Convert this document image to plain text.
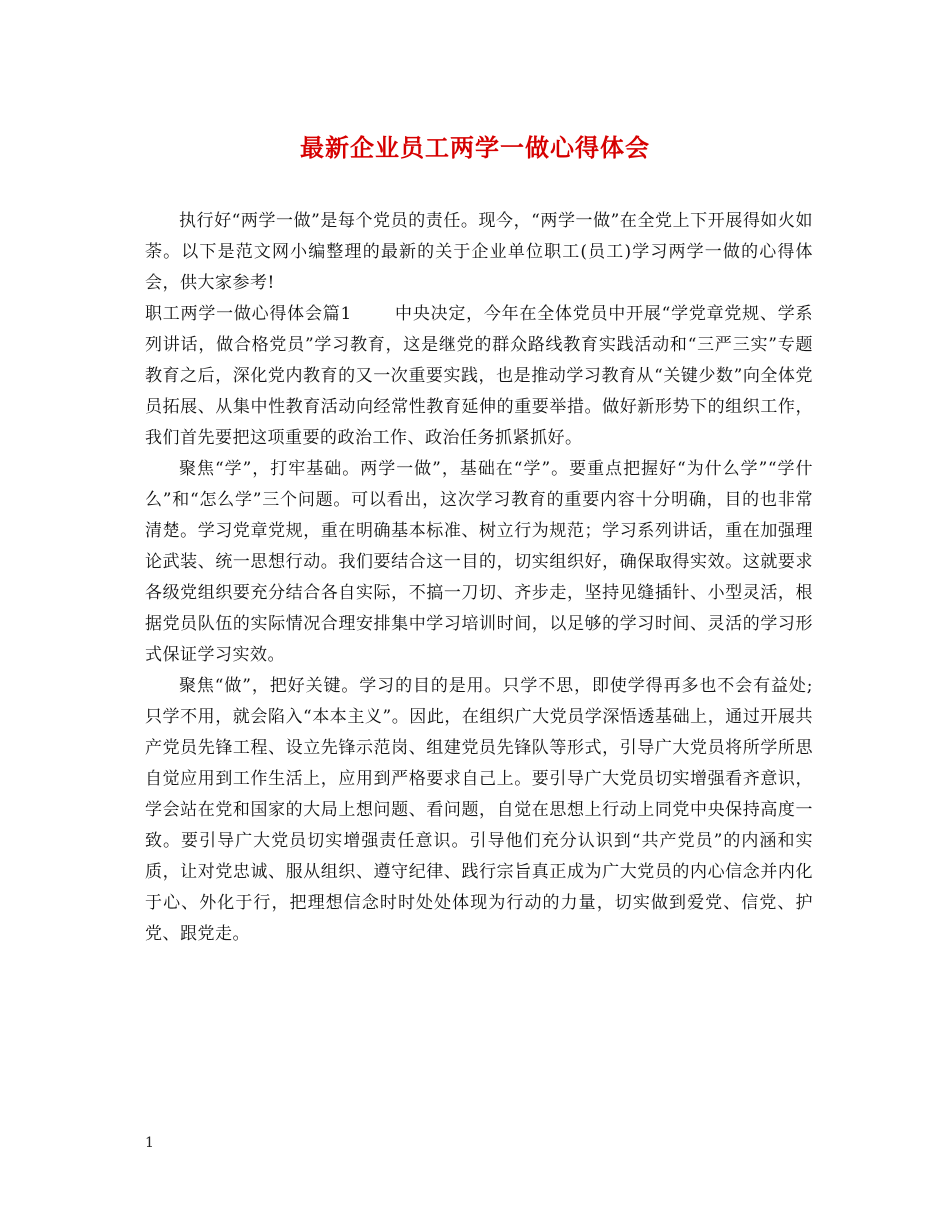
最新企业员工两学一做心得体会

执行好“两学一做”是每个党员的责任。现今，“两学一做”在全党上下开展得如火如荼。以下是范文网小编整理的最新的关于企业单位职工(员工)学习两学一做的心得体会，供大家参考!

职工两学一做心得体会篇1	中央决定，今年在全体党员中开展“学党章党规、学系列讲话，做合格党员”学习教育，这是继党的群众路线教育实践活动和“三严三实”专题教育之后，深化党内教育的又一次重要实践，也是推动学习教育从“关键少数”向全体党员拓展、从集中性教育活动向经常性教育延伸的重要举措。做好新形势下的组织工作，我们首先要把这项重要的政治工作、政治任务抓紧抓好。

聚焦“学”，打牢基础。两学一做”，基础在“学”。要重点把握好“为什么学”“学什么”和“怎么学”三个问题。可以看出，这次学习教育的重要内容十分明确，目的也非常清楚。学习党章党规，重在明确基本标准、树立行为规范；学习系列讲话，重在加强理论武装、统一思想行动。我们要结合这一目的，切实组织好，确保取得实效。这就要求各级党组织要充分结合各自实际，不搞一刀切、齐步走，坚持见缝插针、小型灵活，根据党员队伍的实际情况合理安排集中学习培训时间，以足够的学习时间、灵活的学习形式保证学习实效。

聚焦“做”，把好关键。学习的目的是用。只学不思，即使学得再多也不会有益处;只学不用，就会陷入“本本主义”。因此，在组织广大党员学深悟透基础上，通过开展共产党员先锋工程、设立先锋示范岗、组建党员先锋队等形式，引导广大党员将所学所思自觉应用到工作生活上，应用到严格要求自己上。要引导广大党员切实增强看齐意识，学会站在党和国家的大局上想问题、看问题，自觉在思想上行动上同党中央保持高度一致。要引导广大党员切实增强责任意识。引导他们充分认识到“共产党员”的内涵和实质，让对党忠诚、服从组织、遵守纪律、践行宗旨真正成为广大党员的内心信念并内化于心、外化于行，把理想信念时时处处体现为行动的力量，切实做到爱党、信党、护党、跟党走。

1
